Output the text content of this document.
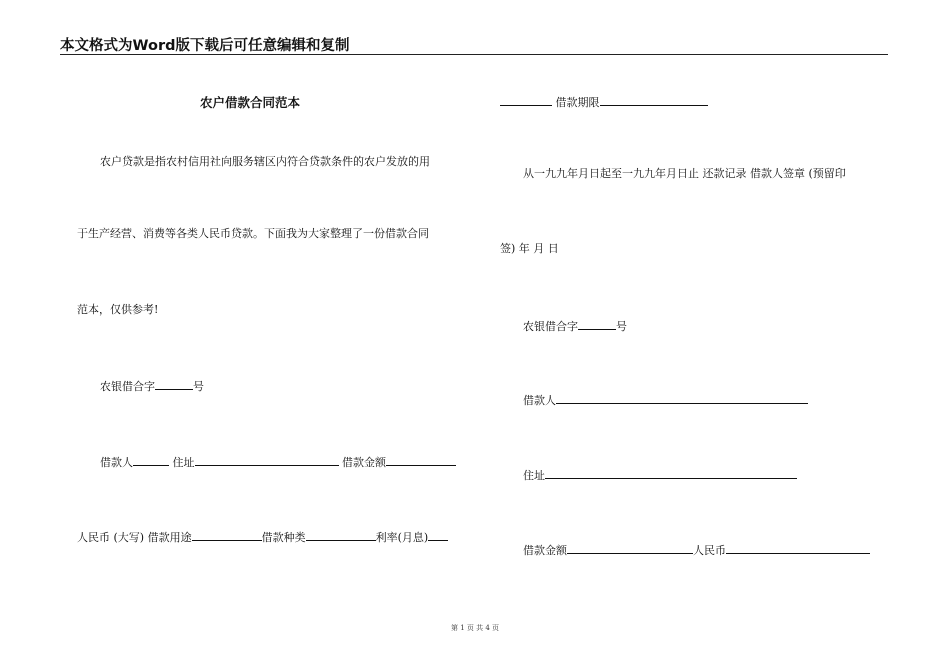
本文格式为Word版下载后可任意编辑和复制
农户借款合同范本
农户贷款是指农村信用社向服务辖区内符合贷款条件的农户发放的用
于生产经营、消费等各类人民币贷款。下面我为大家整理了一份借款合同
范本，仅供参考!
农银借合字	号
借款人	住址	借款金额
人民币 (大写) 借款用途	借款种类	利率(月息)
借款期限
从一九九年月日起至一九九年月日止 还款记录 借款人签章 (预留印
签) 年 月 日
农银借合字	号
借款人
住址
借款金额	人民币
第 1 页 共 4 页
